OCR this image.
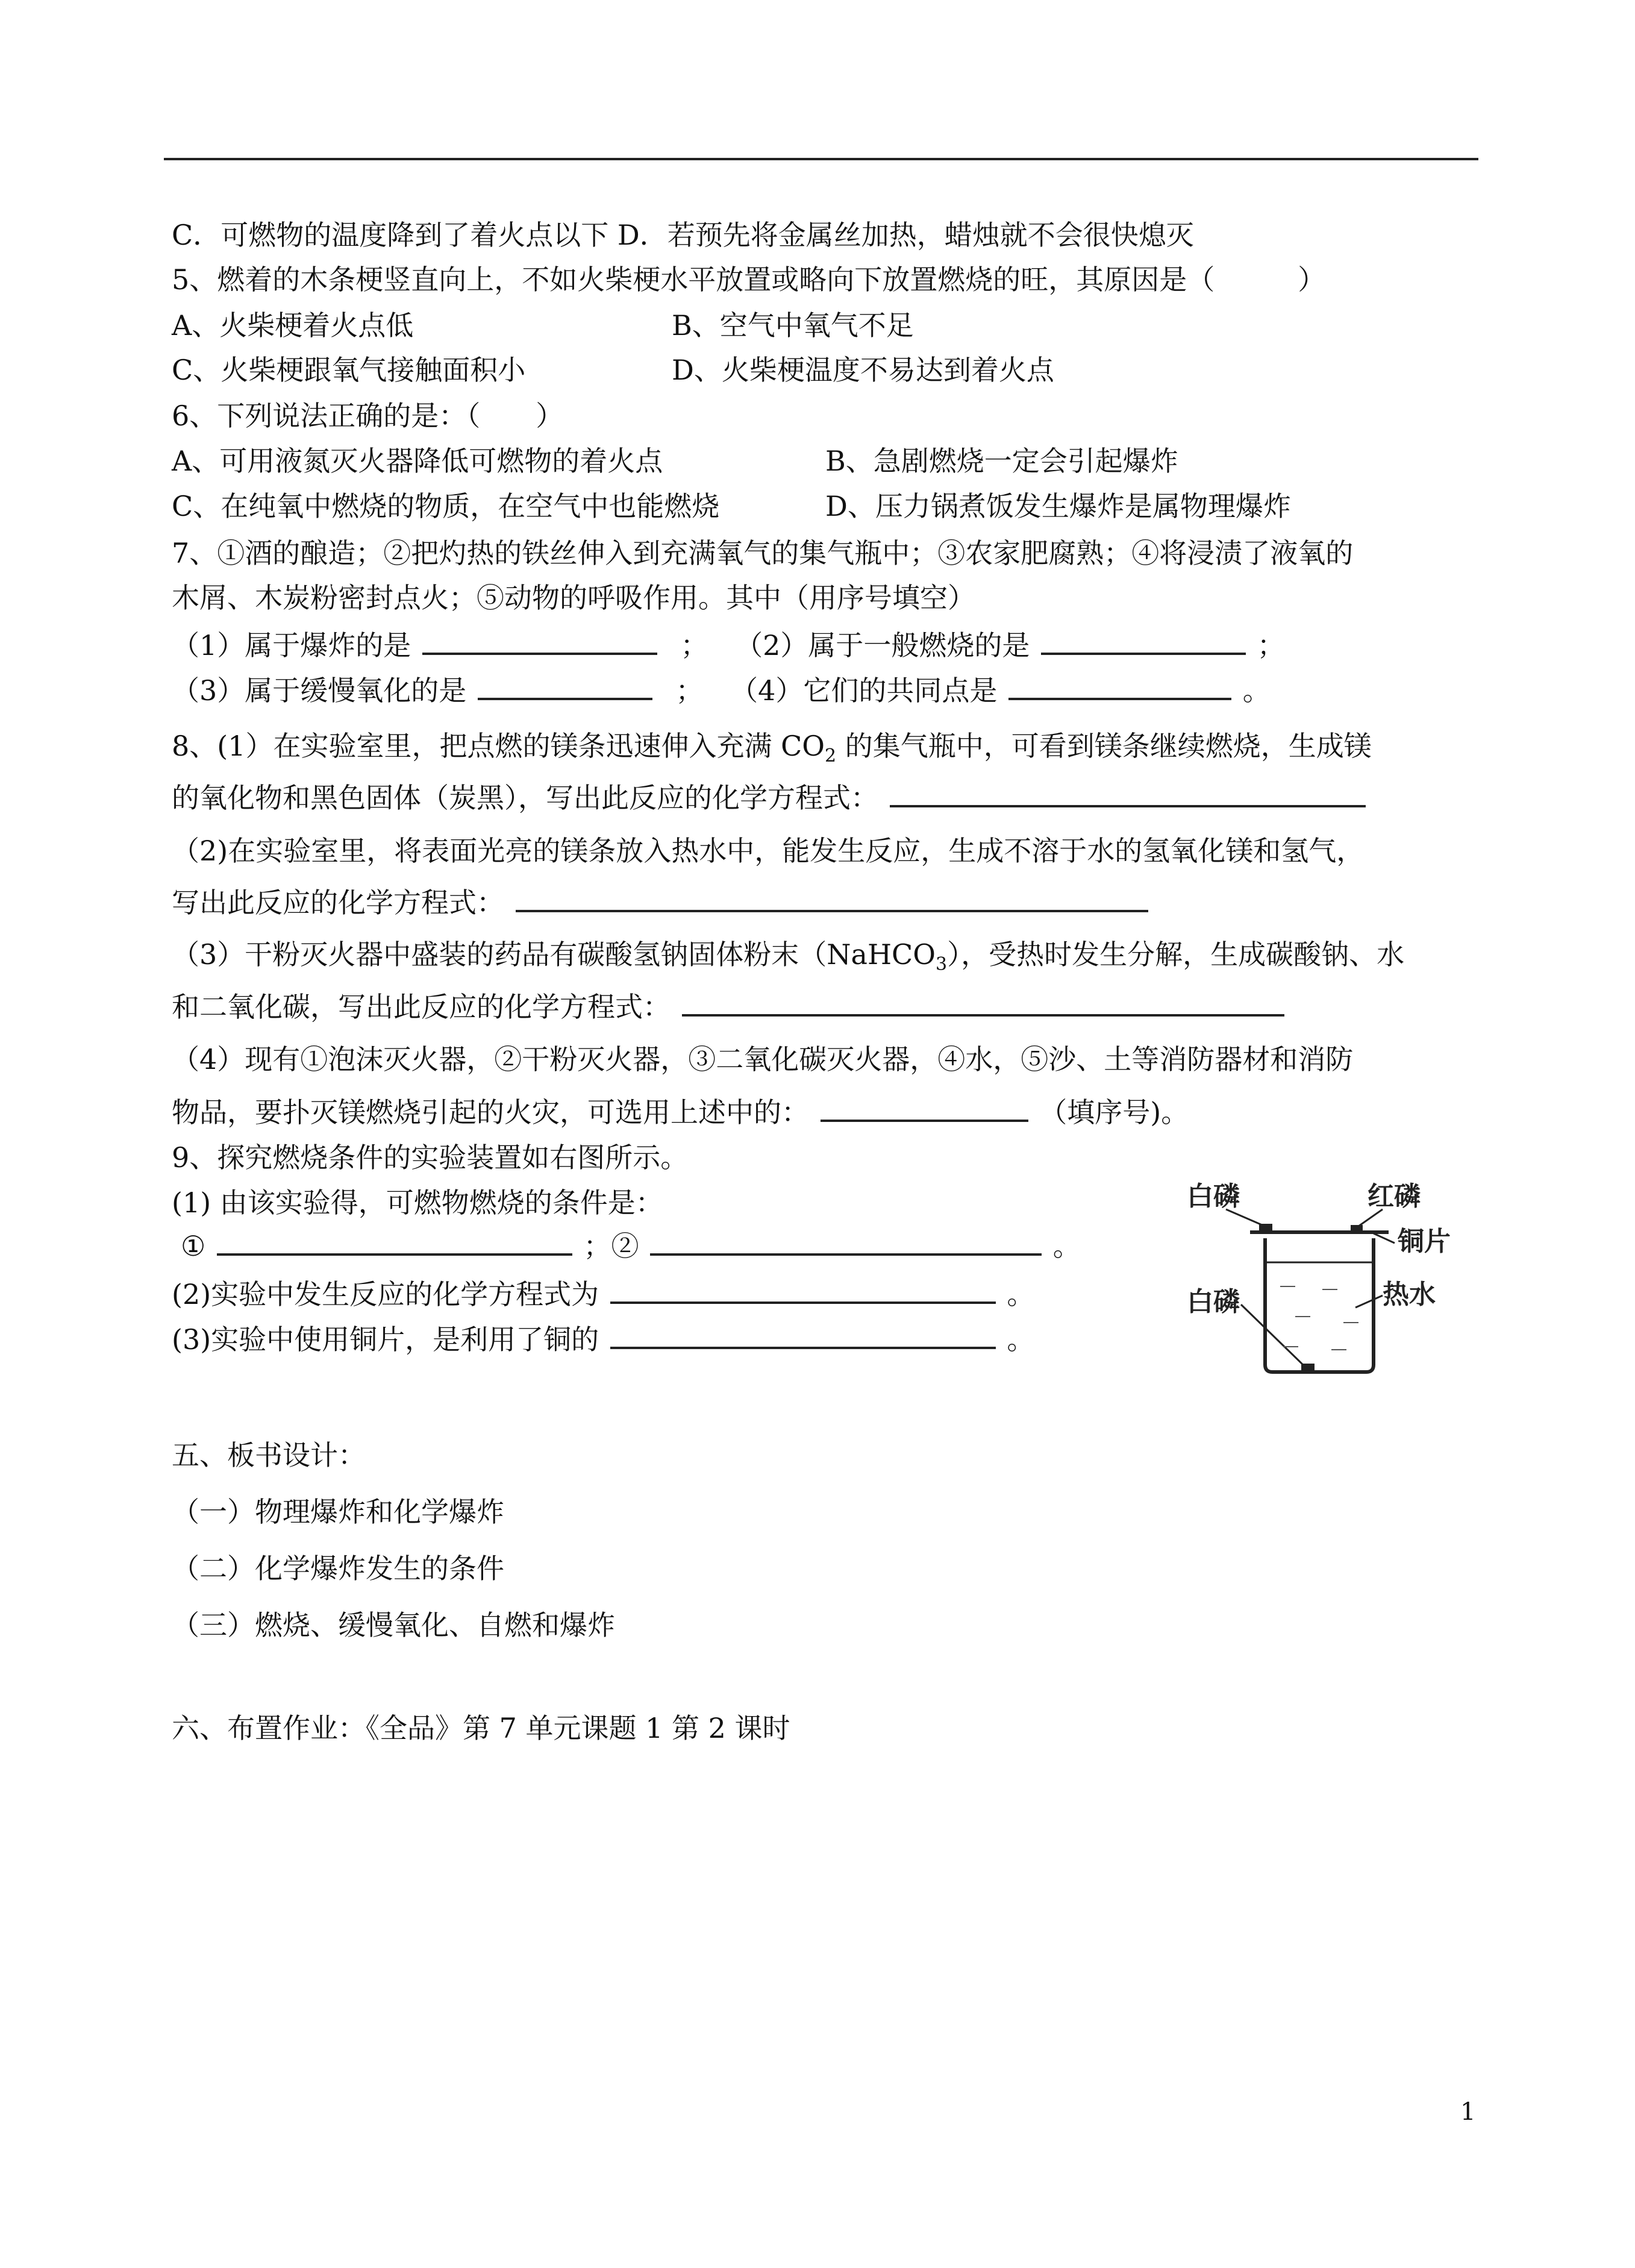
C．可燃物的温度降到了着火点以下 D．若预先将金属丝加热，蜡烛就不会很快熄灭
5、燃着的木条梗竖直向上，不如火柴梗水平放置或略向下放置燃烧的旺，其原因是（　　　）
A、火柴梗着火点低	B、空气中氧气不足
C、火柴梗跟氧气接触面积小	D、火柴梗温度不易达到着火点
6、下列说法正确的是：（　　）
A、可用液氮灭火器降低可燃物的着火点	B、急剧燃烧一定会引起爆炸
C、在纯氧中燃烧的物质，在空气中也能燃烧	D、压力锅煮饭发生爆炸是属物理爆炸
7、①酒的酿造；②把灼热的铁丝伸入到充满氧气的集气瓶中；③农家肥腐熟；④将浸渍了液氧的
木屑、木炭粉密封点火；⑤动物的呼吸作用。其中（用序号填空）
（1）属于爆炸的是	； （2）属于一般燃烧的是	；
（3）属于缓慢氧化的是	； （4）它们的共同点是	。
8、(1）在实验室里，把点燃的镁条迅速伸入充满 $CO_2$ 的集气瓶中，可看到镁条继续燃烧，生成镁
的氧化物和黑色固体（炭黑），写出此反应的化学方程式：
（2)在实验室里，将表面光亮的镁条放入热水中，能发生反应，生成不溶于水的氢氧化镁和氢气，
写出此反应的化学方程式：
（3）干粉灭火器中盛装的药品有碳酸氢钠固体粉末（NaHCO$_3$），受热时发生分解，生成碳酸钠、水
和二氧化碳，写出此反应的化学方程式：
（4）现有①泡沫灭火器，②干粉灭火器，③二氧化碳灭火器，④水，⑤沙、土等消防器材和消防
物品，要扑灭镁燃烧引起的火灾，可选用上述中的：	（填序号)。
9、探究燃烧条件的实验装置如右图所示。
(1) 由该实验得，可燃物燃烧的条件是：
①	；②	。
(2)实验中发生反应的化学方程式为	。
(3)实验中使用铜片，是利用了铜的	。
白磷	红磷
铜片
白磷	热水
五、板书设计：
（一）物理爆炸和化学爆炸
（二）化学爆炸发生的条件
（三）燃烧、缓慢氧化、自燃和爆炸
六、布置作业：《全品》第 7 单元课题 1 第 2 课时
1
